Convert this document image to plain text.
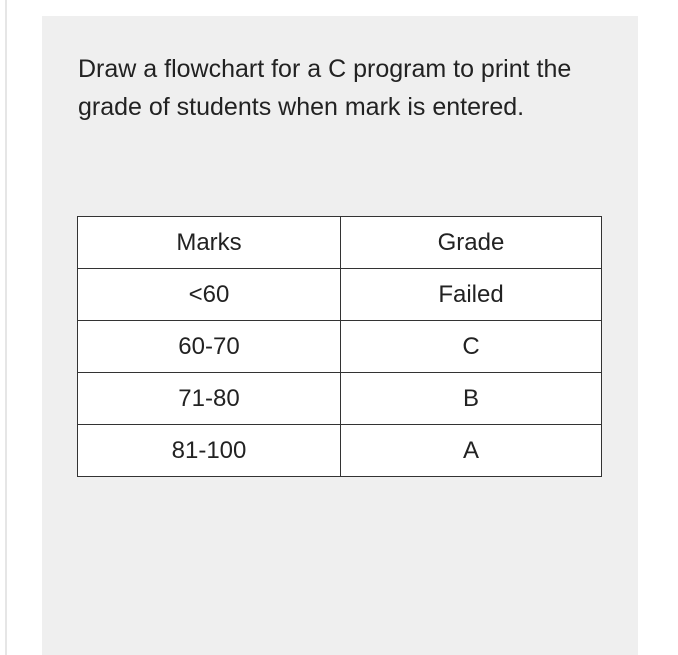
Draw a flowchart for a C program to print the grade of students when mark is entered.

Marks	Grade
<60	Failed
60-70	C
71-80	B
81-100	A
